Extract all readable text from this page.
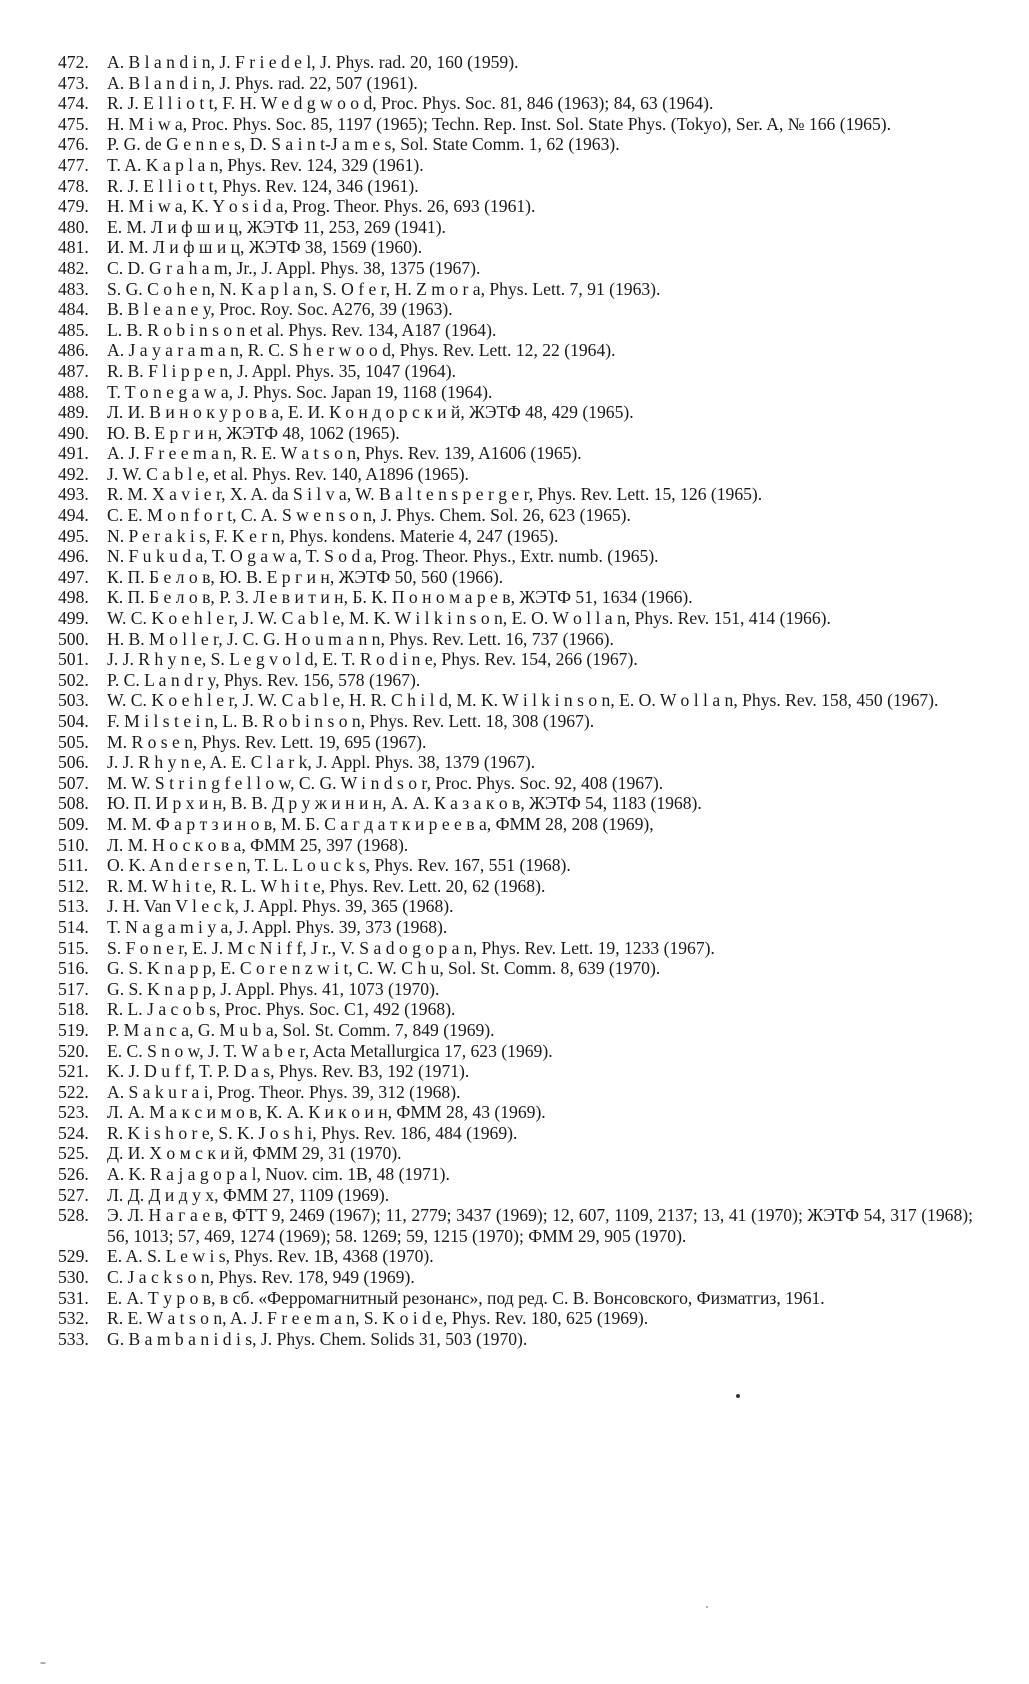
472.	A. B l a n d i n, J. F r i e d e l, J. Phys. rad. 20, 160 (1959).
473.	A. B l a n d i n, J. Phys. rad. 22, 507 (1961).
474.	R. J. E l l i o t t, F. H. W e d g w o o d, Proc. Phys. Soc. 81, 846 (1963); 84, 63 (1964).
475.	H. M i w a, Proc. Phys. Soc. 85, 1197 (1965); Techn. Rep. Inst. Sol. State Phys. (Tokyo), Ser. A, № 166 (1965).
476.	P. G. de G e n n e s, D. S a i n t-J a m e s, Sol. State Comm. 1, 62 (1963).
477.	T. A. K a p l a n, Phys. Rev. 124, 329 (1961).
478.	R. J. E l l i o t t, Phys. Rev. 124, 346 (1961).
479.	H. M i w a, K. Y o s i d a, Prog. Theor. Phys. 26, 693 (1961).
480.	Е. М. Л и ф ш и ц, ЖЭТФ 11, 253, 269 (1941).
481.	И. М. Л и ф ш и ц, ЖЭТФ 38, 1569 (1960).
482.	C. D. G r a h a m, Jr., J. Appl. Phys. 38, 1375 (1967).
483.	S. G. C o h e n, N. K a p l a n, S. O f e r, H. Z m o r a, Phys. Lett. 7, 91 (1963).
484.	B. B l e a n e y, Proc. Roy. Soc. A276, 39 (1963).
485.	L. B. R o b i n s o n et al. Phys. Rev. 134, A187 (1964).
486.	A. J a y a r a m a n, R. C. S h e r w o o d, Phys. Rev. Lett. 12, 22 (1964).
487.	R. B. F l i p p e n, J. Appl. Phys. 35, 1047 (1964).
488.	T. T o n e g a w a, J. Phys. Soc. Japan 19, 1168 (1964).
489.	Л. И. В и н о к у р о в а, Е. И. К о н д о р с к и й, ЖЭТФ 48, 429 (1965).
490.	Ю. В. Е р г и н, ЖЭТФ 48, 1062 (1965).
491.	A. J. F r e e m a n, R. E. W a t s o n, Phys. Rev. 139, A1606 (1965).
492.	J. W. C a b l e, et al. Phys. Rev. 140, A1896 (1965).
493.	R. M. X a v i e r, X. A. da S i l v a, W. B a l t e n s p e r g e r, Phys. Rev. Lett. 15, 126 (1965).
494.	C. E. M o n f o r t, C. A. S w e n s o n, J. Phys. Chem. Sol. 26, 623 (1965).
495.	N. P e r a k i s, F. K e r n, Phys. kondens. Materie 4, 247 (1965).
496.	N. F u k u d a, T. O g a w a, T. S o d a, Prog. Theor. Phys., Extr. numb. (1965).
497.	К. П. Б е л о в, Ю. В. Е р г и н, ЖЭТФ 50, 560 (1966).
498.	К. П. Б е л о в, Р. З. Л е в и т и н, Б. К. П о н о м а р е в, ЖЭТФ 51, 1634 (1966).
499.	W. C. K o e h l e r, J. W. C a b l e, M. K. W i l k i n s o n, E. O. W o l l a n, Phys. Rev. 151, 414 (1966).
500.	H. B. M o l l e r, J. C. G. H o u m a n n, Phys. Rev. Lett. 16, 737 (1966).
501.	J. J. R h y n e, S. L e g v o l d, E. T. R o d i n e, Phys. Rev. 154, 266 (1967).
502.	P. C. L a n d r y, Phys. Rev. 156, 578 (1967).
503.	W. C. K o e h l e r, J. W. C a b l e, H. R. C h i l d, M. K. W i l k i n s o n, E. O. W o l l a n, Phys. Rev. 158, 450 (1967).
504.	F. M i l s t e i n, L. B. R o b i n s o n, Phys. Rev. Lett. 18, 308 (1967).
505.	M. R o s e n, Phys. Rev. Lett. 19, 695 (1967).
506.	J. J. R h y n e, A. E. C l a r k, J. Appl. Phys. 38, 1379 (1967).
507.	M. W. S t r i n g f e l l o w, C. G. W i n d s o r, Proc. Phys. Soc. 92, 408 (1967).
508.	Ю. П. И р х и н, В. В. Д р у ж и н и н, А. А. К а з а к о в, ЖЭТФ 54, 1183 (1968).
509.	М. М. Ф а р т з и н о в, М. Б. С а г д а т к и р е е в а, ФММ 28, 208 (1969),
510.	Л. М. Н о с к о в а, ФММ 25, 397 (1968).
511.	O. K. A n d e r s e n, T. L. L o u c k s, Phys. Rev. 167, 551 (1968).
512.	R. M. W h i t e, R. L. W h i t e, Phys. Rev. Lett. 20, 62 (1968).
513.	J. H. Van V l e c k, J. Appl. Phys. 39, 365 (1968).
514.	T. N a g a m i y a, J. Appl. Phys. 39, 373 (1968).
515.	S. F o n e r, E. J. M c N i f f, J r., V. S a d o g o p a n, Phys. Rev. Lett. 19, 1233 (1967).
516.	G. S. K n a p p, E. C o r e n z w i t, C. W. C h u, Sol. St. Comm. 8, 639 (1970).
517.	G. S. K n a p p, J. Appl. Phys. 41, 1073 (1970).
518.	R. L. J a c o b s, Proc. Phys. Soc. C1, 492 (1968).
519.	P. M a n c a, G. M u b a, Sol. St. Comm. 7, 849 (1969).
520.	E. C. S n o w, J. T. W a b e r, Acta Metallurgica 17, 623 (1969).
521.	K. J. D u f f, T. P. D a s, Phys. Rev. B3, 192 (1971).
522.	A. S a k u r a i, Prog. Theor. Phys. 39, 312 (1968).
523.	Л. А. М а к с и м о в, К. А. К и к о и н, ФММ 28, 43 (1969).
524.	R. K i s h o r e, S. K. J o s h i, Phys. Rev. 186, 484 (1969).
525.	Д. И. Х о м с к и й, ФММ 29, 31 (1970).
526.	A. K. R a j a g o p a l, Nuov. cim. 1B, 48 (1971).
527.	Л. Д. Д и д у х, ФММ 27, 1109 (1969).
528.	Э. Л. Н а г а е в, ФТТ 9, 2469 (1967); 11, 2779; 3437 (1969); 12, 607, 1109, 2137; 13, 41 (1970); ЖЭТФ 54, 317 (1968); 56, 1013; 57, 469, 1274 (1969); 58. 1269; 59, 1215 (1970); ФММ 29, 905 (1970).
529.	E. A. S. L e w i s, Phys. Rev. 1B, 4368 (1970).
530.	C. J a c k s o n, Phys. Rev. 178, 949 (1969).
531.	Е. А. Т у р о в, в сб. «Ферромагнитный резонанс», под ред. С. В. Вонсовского, Физматгиз, 1961.
532.	R. E. W a t s o n, A. J. F r e e m a n, S. K o i d e, Phys. Rev. 180, 625 (1969).
533.	G. B a m b a n i d i s, J. Phys. Chem. Solids 31, 503 (1970).
